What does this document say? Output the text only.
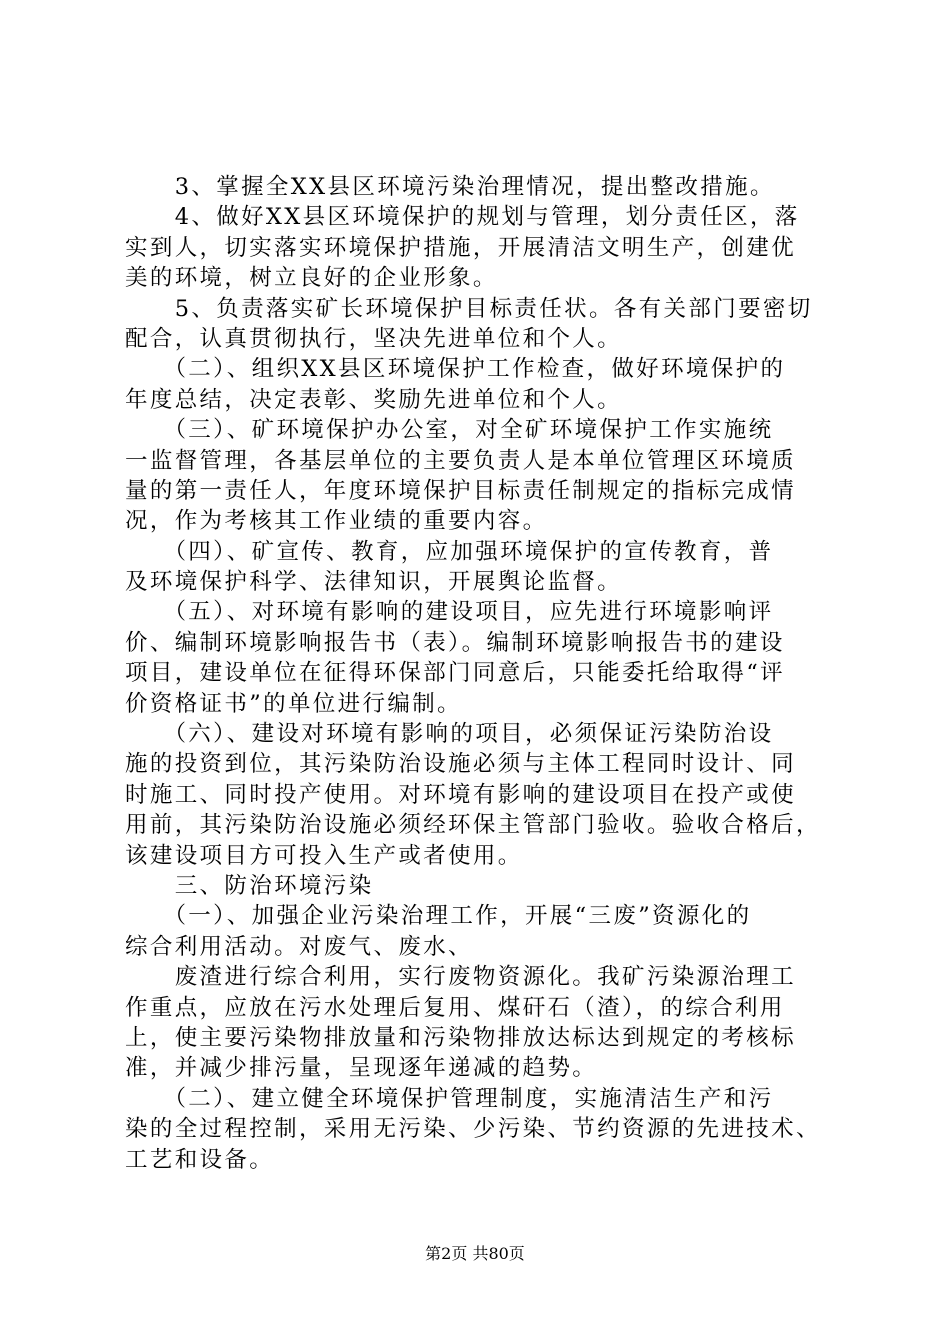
　　3、掌握全XX县区环境污染治理情况，提出整改措施。
　　4、做好XX县区环境保护的规划与管理，划分责任区，落
实到人，切实落实环境保护措施，开展清洁文明生产，创建优
美的环境，树立良好的企业形象。
　　5、负责落实矿长环境保护目标责任状。各有关部门要密切
配合，认真贯彻执行，坚决先进单位和个人。
　　（二）、组织XX县区环境保护工作检查，做好环境保护的
年度总结，决定表彰、奖励先进单位和个人。
　　（三）、矿环境保护办公室，对全矿环境保护工作实施统
一监督管理，各基层单位的主要负责人是本单位管理区环境质
量的第一责任人，年度环境保护目标责任制规定的指标完成情
况，作为考核其工作业绩的重要内容。
　　（四）、矿宣传、教育，应加强环境保护的宣传教育，普
及环境保护科学、法律知识，开展舆论监督。
　　（五）、对环境有影响的建设项目，应先进行环境影响评
价、编制环境影响报告书（表）。编制环境影响报告书的建设
项目，建设单位在征得环保部门同意后，只能委托给取得“评
价资格证书”的单位进行编制。
　　（六）、建设对环境有影响的项目，必须保证污染防治设
施的投资到位，其污染防治设施必须与主体工程同时设计、同
时施工、同时投产使用。对环境有影响的建设项目在投产或使
用前，其污染防治设施必须经环保主管部门验收。验收合格后，
该建设项目方可投入生产或者使用。
　　三、防治环境污染
　　（一）、加强企业污染治理工作，开展“三废”资源化的
综合利用活动。对废气、废水、
　　废渣进行综合利用，实行废物资源化。我矿污染源治理工
作重点，应放在污水处理后复用、煤矸石（渣），的综合利用
上，使主要污染物排放量和污染物排放达标达到规定的考核标
准，并减少排污量，呈现逐年递减的趋势。
　　（二）、建立健全环境保护管理制度，实施清洁生产和污
染的全过程控制，采用无污染、少污染、节约资源的先进技术、
工艺和设备。
第2页 共80页
